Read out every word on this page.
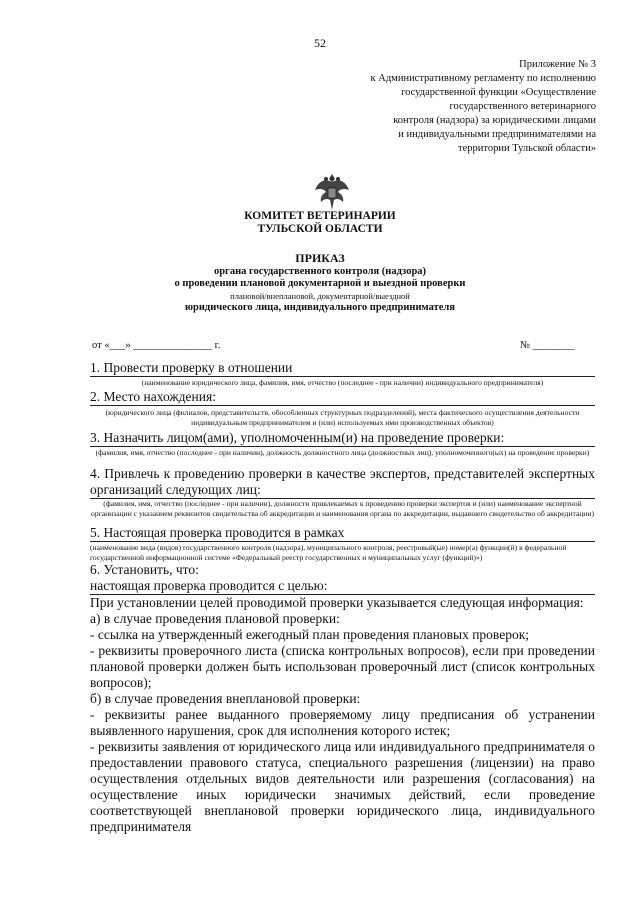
52
Приложение № 3
к Административному регламенту по исполнению
государственной функции «Осуществление
государственного ветеринарного
контроля (надзора) за юридическими лицами
и индивидуальными предпринимателями на
территории Тульской области»
КОМИТЕТ ВЕТЕРИНАРИИ
ТУЛЬСКОЙ ОБЛАСТИ
ПРИКАЗ
органа государственного контроля (надзора)
о проведении плановой документарной и выездной проверки
плановой/внеплановой, документарной/выездной
юридического лица, индивидуального предпринимателя
от «___» _______________ г.	№ ________
1. Провести проверку в отношении
(наименование юридического лица, фамилия, имя, отчество (последнее - при наличии) индивидуального предпринимателя)
2. Место нахождения:
(юридического лица (филиалов, представительств, обособленных структурных подразделений), места фактического осуществления деятельности индивидуальным предпринимателем и (или) используемых ими производственных объектов)
3. Назначить лицом(ами), уполномоченным(и) на проведение проверки:
(фамилия, имя, отчество (последнее - при наличии), должность должностного лица (должностных лиц), уполномоченного(ых) на проведение проверки)
4. Привлечь к проведению проверки в качестве экспертов, представителей экспертных организаций следующих лиц:
(фамилия, имя, отчество (последнее - при наличии), должности привлекаемых к проведению проверки экспертов и (или) наименование экспертной организации с указанием реквизитов свидетельства об аккредитации и наименования органа по аккредитации, выдавшего свидетельство об аккредитации)
5. Настоящая проверка проводится в рамках
(наименование вида (видов) государственного контроля (надзора), муниципального контроля, реестровый(ые) номер(а) функции(й) в федеральной государственной информационной системе «Федеральный реестр государственных и муниципальных услуг (функций)»)
6. Установить, что:
настоящая проверка проводится с целью:

При установлении целей проводимой проверки указывается следующая информация:

а) в случае проведения плановой проверки:

- ссылка на утвержденный ежегодный план проведения плановых проверок;

- реквизиты проверочного листа (списка контрольных вопросов), если при проведении плановой проверки должен быть использован проверочный лист (список контрольных вопросов);

б) в случае проведения внеплановой проверки:

- реквизиты ранее выданного проверяемому лицу предписания об устранении выявленного нарушения, срок для исполнения которого истек;

- реквизиты заявления от юридического лица или индивидуального предпринимателя о предоставлении правового статуса, специального разрешения (лицензии) на право осуществления отдельных видов деятельности или разрешения (согласования) на осуществление иных юридически значимых действий, если проведение соответствующей внеплановой проверки юридического лица, индивидуального предпринимателя
